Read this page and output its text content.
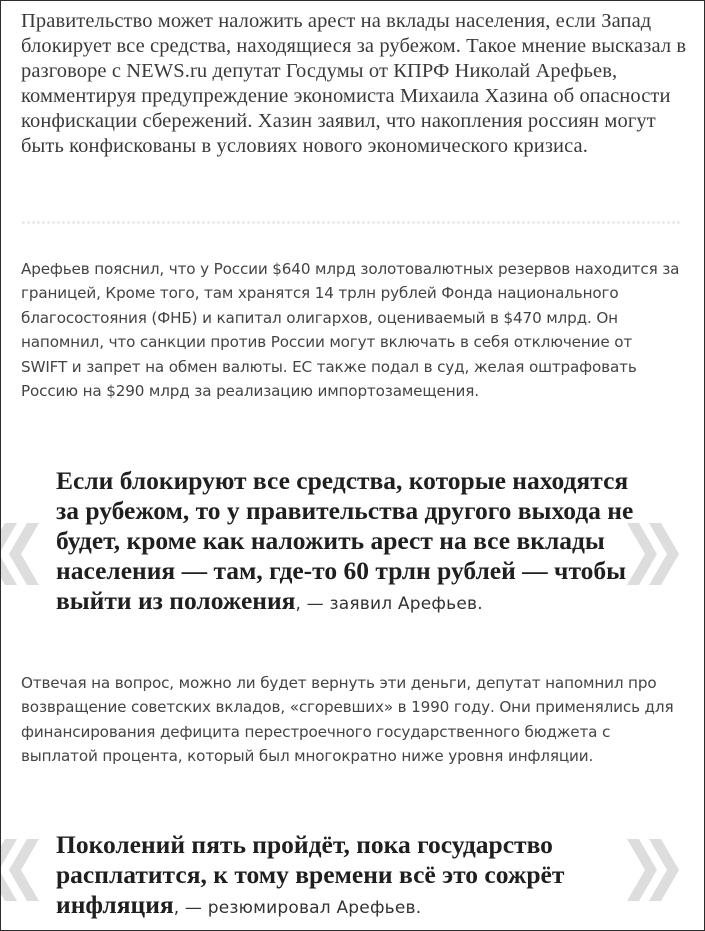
Правительство может наложить арест на вклады населения, если Запад блокирует все средства, находящиеся за рубежом. Такое мнение высказал в разговоре с NEWS.ru депутат Госдумы от КПРФ Николай Арефьев, комментируя предупреждение экономиста Михаила Хазина об опасности конфискации сбережений. Хазин заявил, что накопления россиян могут быть конфискованы в условиях нового экономического кризиса.

Арефьев пояснил, что у России $640 млрд золотовалютных резервов находится за границей, Кроме того, там хранятся 14 трлн рублей Фонда национального благосостояния (ФНБ) и капитал олигархов, оцениваемый в $470 млрд. Он напомнил, что санкции против России могут включать в себя отключение от SWIFT и запрет на обмен валюты. ЕС также подал в суд, желая оштрафовать Россию на $290 млрд за реализацию импортозамещения.

Если блокируют все средства, которые находятся за рубежом, то у правительства другого выхода не будет, кроме как наложить арест на все вклады населения — там, где-то 60 трлн рублей — чтобы выйти из положения, — заявил Арефьев.

Отвечая на вопрос, можно ли будет вернуть эти деньги, депутат напомнил про возвращение советских вкладов, «сгоревших» в 1990 году. Они применялись для финансирования дефицита перестроечного государственного бюджета с выплатой процента, который был многократно ниже уровня инфляции.

Поколений пять пройдёт, пока государство расплатится, к тому времени всё это сожрёт инфляция, — резюмировал Арефьев.
